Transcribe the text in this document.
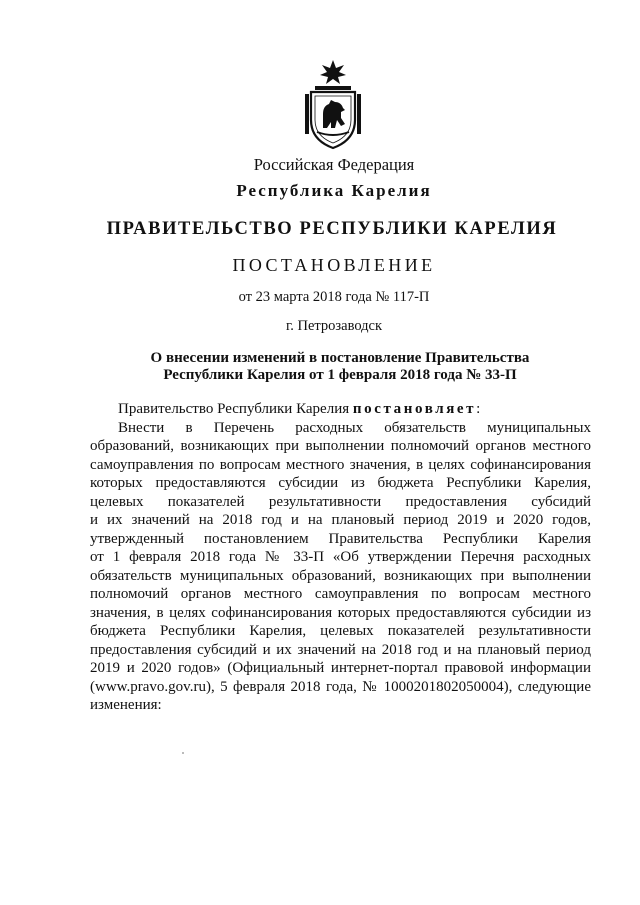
Российская Федерация
Республика Карелия
ПРАВИТЕЛЬСТВО РЕСПУБЛИКИ КАРЕЛИЯ
ПОСТАНОВЛЕНИЕ
от 23 марта 2018 года № 117-П
г. Петрозаводск
О внесении изменений в постановление Правительства
Республики Карелия от 1 февраля 2018 года № 33-П

Правительство Республики Карелия постановляет:

Внести в Перечень расходных обязательств муниципальных

образований, возникающих при выполнении полномочий органов местного

самоуправления по вопросам местного значения, в целях софинансирования

которых предоставляются субсидии из бюджета Республики Карелия,

целевых показателей результативности предоставления субсидий

и их значений на 2018 год и на плановый период 2019 и 2020 годов,

утвержденный постановлением Правительства Республики Карелия

от 1 февраля 2018 года № 33-П «Об утверждении Перечня расходных

обязательств муниципальных образований, возникающих при выполнении

полномочий органов местного самоуправления по вопросам местного

значения, в целях софинансирования которых предоставляются субсидии из

бюджета Республики Карелия, целевых показателей результативности

предоставления субсидий и их значений на 2018 год и на плановый период

2019 и 2020 годов» (Официальный интернет-портал правовой информации

(www.pravo.gov.ru), 5 февраля 2018 года, № 1000201802050004), следующие

изменения:
